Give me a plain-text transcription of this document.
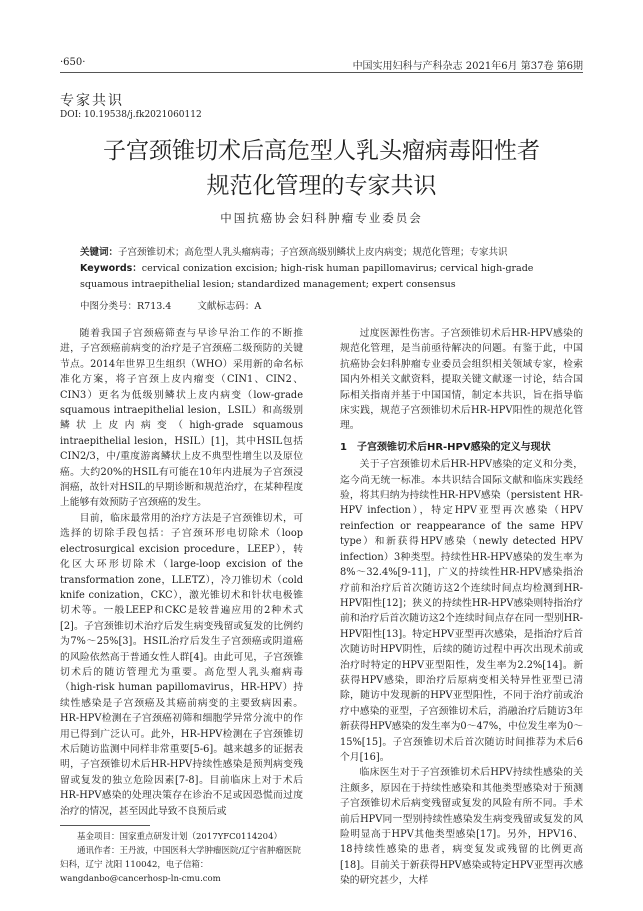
·650·	中国实用妇科与产科杂志 2021年6月 第37卷 第6期
专家共识
DOI: 10.19538/j.fk2021060112
子宫颈锥切术后高危型人乳头瘤病毒阳性者
规范化管理的专家共识
中国抗癌协会妇科肿瘤专业委员会
关键词：子宫颈锥切术；高危型人乳头瘤病毒；子宫颈高级别鳞状上皮内病变；规范化管理；专家共识
Keywords：cervical conization excision; high-risk human papillomavirus; cervical high-grade squamous intraepithelial lesion; standardized management; expert consensus
中图分类号：R713.4	文献标志码：A

随着我国子宫颈癌筛查与早诊早治工作的不断推进，子宫颈癌前病变的治疗是子宫颈癌二级预防的关键节点。2014年世界卫生组织（WHO）采用新的命名标准化方案，将子宫颈上皮内瘤变（CIN1、CIN2、CIN3）更名为低级别鳞状上皮内病变（low-grade squamous intraepithelial lesion，LSIL）和高级别鳞状上皮内病变（high-grade squamous intraepithelial lesion，HSIL）[1]，其中HSIL包括CIN2/3，中/重度游离鳞状上皮不典型性增生以及原位癌。大约20%的HSIL有可能在10年内进展为子宫颈浸润癌，故针对HSIL的早期诊断和规范治疗，在某种程度上能够有效预防子宫颈癌的发生。

目前，临床最常用的治疗方法是子宫颈锥切术，可选择的切除手段包括：子宫颈环形电切除术（loop electrosurgical excision procedure，LEEP），转化区大环形切除术（large-loop excision of the transformation zone，LLETZ），冷刀锥切术（cold knife conization，CKC），激光锥切术和针状电极锥切术等。一般LEEP和CKC是较普遍应用的2种术式[2]。子宫颈锥切术治疗后发生病变残留或复发的比例约为7%～25%[3]。HSIL治疗后发生子宫颈癌或阴道癌的风险依然高于普通女性人群[4]。由此可见，子宫颈锥切术后的随访管理尤为重要。高危型人乳头瘤病毒（high-risk human papillomavirus，HR-HPV）持续性感染是子宫颈癌及其癌前病变的主要致病因素。HR-HPV检测在子宫颈癌初筛和细胞学异常分流中的作用已得到广泛认可。此外，HR-HPV检测在子宫颈锥切术后随访监测中同样非常重要[5-6]。越来越多的证据表明，子宫颈锥切术后HR-HPV持续性感染是预判病变残留或复发的独立危险因素[7-8]。目前临床上对于术后HR-HPV感染的处理决策存在诊治不足或因恐慌而过度治疗的情况，甚至因此导致不良预后或

过度医源性伤害。子宫颈锥切术后HR-HPV感染的规范化管理，是当前亟待解决的问题。有鉴于此，中国抗癌协会妇科肿瘤专业委员会组织相关领域专家，检索国内外相关文献资料，提取关键文献逐一讨论，结合国际相关指南并基于中国国情，制定本共识，旨在指导临床实践，规范子宫颈锥切术后HR-HPV阳性的规范化管理。

1　子宫颈锥切术后HR-HPV感染的定义与现状

关于子宫颈锥切术后HR-HPV感染的定义和分类，迄今尚无统一标准。本共识结合国际文献和临床实践经验，将其归纳为持续性HR-HPV感染（persistent HR-HPV infection），特定HPV亚型再次感染（HPV reinfection or reappearance of the same HPV type）和新获得HPV感染（newly detected HPV infection）3种类型。持续性HR-HPV感染的发生率为8%～32.4%[9-11]，广义的持续性HR-HPV感染指治疗前和治疗后首次随访这2个连续时间点均检测到HR-HPV阳性[12]；狭义的持续性HR-HPV感染则特指治疗前和治疗后首次随访这2个连续时间点存在同一型别HR-HPV阳性[13]。特定HPV亚型再次感染，是指治疗后首次随访时HPV阴性，后续的随访过程中再次出现术前或治疗时特定的HPV亚型阳性，发生率为2.2%[14]。新获得HPV感染，即治疗后原病变相关特异性亚型已清除，随访中发现新的HPV亚型阳性，不同于治疗前或治疗中感染的亚型，子宫颈锥切术后，消融治疗后随访3年新获得HPV感染的发生率为0～47%，中位发生率为0～15%[15]。子宫颈锥切术后首次随访时间推荐为术后6个月[16]。

临床医生对于子宫颈锥切术后HPV持续性感染的关注颇多，原因在于持续性感染和其他类型感染对于预测子宫颈锥切术后病变残留或复发的风险有所不同。手术前后HPV同一型别持续性感染发生病变残留或复发的风险明显高于HPV其他类型感染[17]。另外，HPV16、18持续性感染的患者，病变复发或残留的比例更高[18]。目前关于新获得HPV感染或特定HPV亚型再次感染的研究甚少，大样

基金项目：国家重点研发计划（2017YFC0114204）

通讯作者：王丹波，中国医科大学肿瘤医院/辽宁省肿瘤医院妇科，辽宁 沈阳 110042，电子信箱：wangdanbo@cancerhosp-ln-cmu.com
